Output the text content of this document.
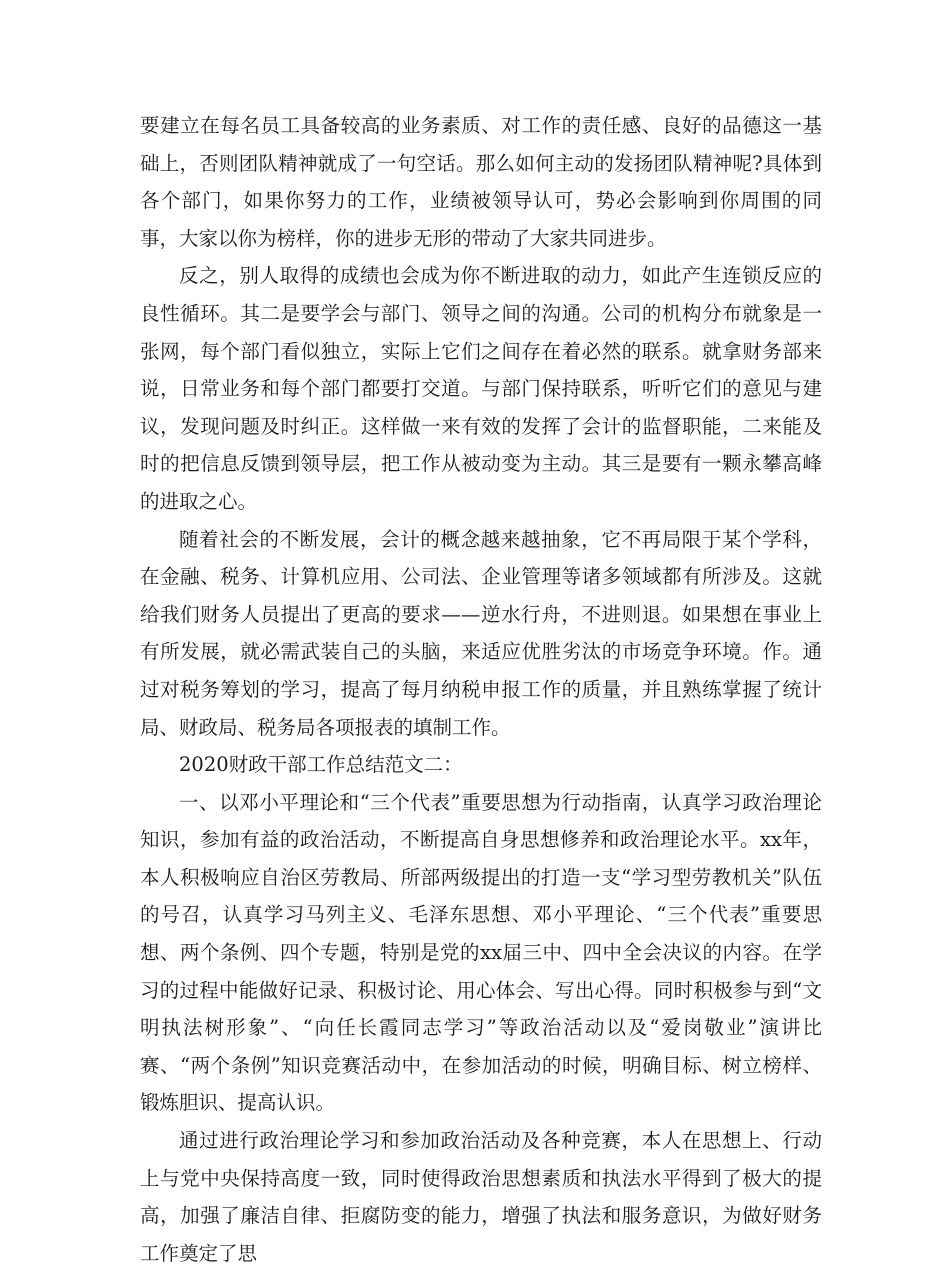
要建立在每名员工具备较高的业务素质、对工作的责任感、良好的品德这一基础上，否则团队精神就成了一句空话。那么如何主动的发扬团队精神呢?具体到各个部门，如果你努力的工作，业绩被领导认可，势必会影响到你周围的同事，大家以你为榜样，你的进步无形的带动了大家共同进步。

反之，别人取得的成绩也会成为你不断进取的动力，如此产生连锁反应的良性循环。其二是要学会与部门、领导之间的沟通。公司的机构分布就象是一张网，每个部门看似独立，实际上它们之间存在着必然的联系。就拿财务部来说，日常业务和每个部门都要打交道。与部门保持联系，听听它们的意见与建议，发现问题及时纠正。这样做一来有效的发挥了会计的监督职能，二来能及时的把信息反馈到领导层，把工作从被动变为主动。其三是要有一颗永攀高峰的进取之心。

随着社会的不断发展，会计的概念越来越抽象，它不再局限于某个学科，在金融、税务、计算机应用、公司法、企业管理等诸多领域都有所涉及。这就给我们财务人员提出了更高的要求——逆水行舟，不进则退。如果想在事业上有所发展，就必需武装自己的头脑，来适应优胜劣汰的市场竞争环境。作。通过对税务筹划的学习，提高了每月纳税申报工作的质量，并且熟练掌握了统计局、财政局、税务局各项报表的填制工作。

2020财政干部工作总结范文二：

一、以邓小平理论和“三个代表”重要思想为行动指南，认真学习政治理论知识，参加有益的政治活动，不断提高自身思想修养和政治理论水平。xx年，本人积极响应自治区劳教局、所部两级提出的打造一支“学习型劳教机关”队伍的号召，认真学习马列主义、毛泽东思想、邓小平理论、“三个代表”重要思想、两个条例、四个专题，特别是党的xx届三中、四中全会决议的内容。在学习的过程中能做好记录、积极讨论、用心体会、写出心得。同时积极参与到“文明执法树形象”、“向任长霞同志学习”等政治活动以及“爱岗敬业”演讲比赛、“两个条例”知识竞赛活动中，在参加活动的时候，明确目标、树立榜样、锻炼胆识、提高认识。

通过进行政治理论学习和参加政治活动及各种竞赛，本人在思想上、行动上与党中央保持高度一致，同时使得政治思想素质和执法水平得到了极大的提高，加强了廉洁自律、拒腐防变的能力，增强了执法和服务意识，为做好财务工作奠定了思
